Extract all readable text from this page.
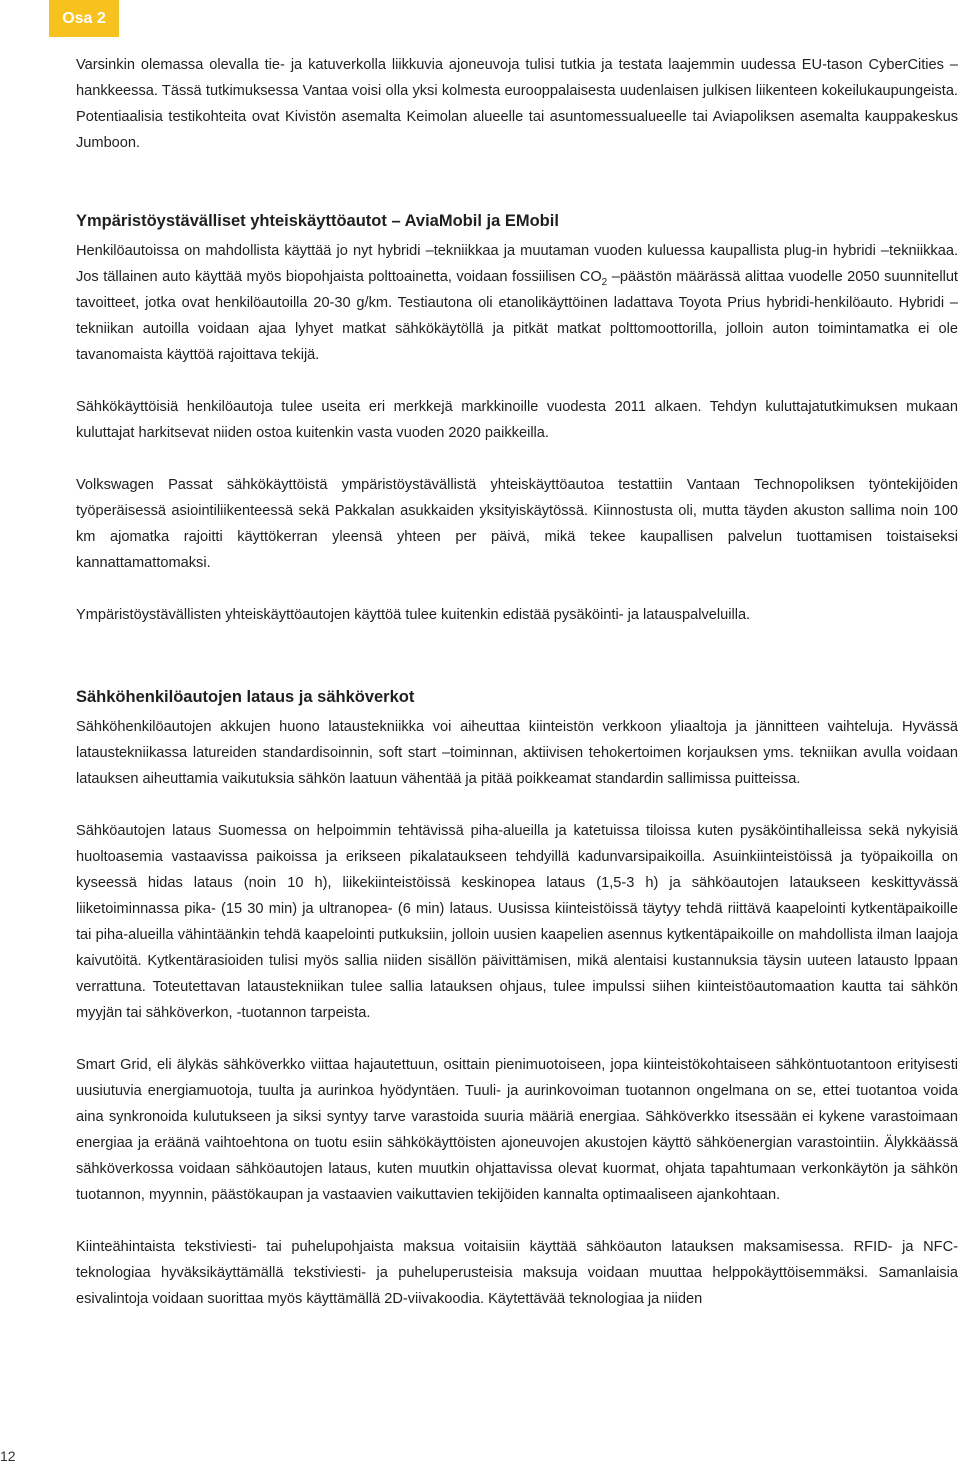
Osa 2

Varsinkin olemassa olevalla tie- ja katuverkolla liikkuvia ajoneuvoja tulisi tutkia ja testata laajemmin uudessa EU-tason CyberCities –hankkeessa. Tässä tutkimuksessa Vantaa voisi olla yksi kolmesta eurooppalaisesta uudenlaisen julkisen liikenteen kokeilukaupungeista. Potentiaalisia testikohteita ovat Kivistön asemalta Keimolan alueelle tai asuntomessualueelle tai Aviapoliksen asemalta kauppakeskus Jumboon.

Ympäristöystävälliset yhteiskäyttöautot – AviaMobil ja EMobil

Henkilöautoissa on mahdollista käyttää jo nyt hybridi –tekniikkaa ja muutaman vuoden kuluessa kaupallista plug-in hybridi –tekniikkaa. Jos tällainen auto käyttää myös biopohjaista polttoainetta, voidaan fossiilisen $CO_2$ –päästön määrässä alittaa vuodelle 2050 suunnitellut tavoitteet, jotka ovat henkilöautoilla 20-30 g/km. Testiautona oli etanolikäyttöinen ladattava Toyota Prius hybridi-henkilöauto. Hybridi –tekniikan autoilla voidaan ajaa lyhyet matkat sähkökäytöllä ja pitkät matkat polttomoottorilla, jolloin auton toimintamatka ei ole tavanomaista käyttöä rajoittava tekijä.

Sähkökäyttöisiä henkilöautoja tulee useita eri merkkejä markkinoille vuodesta 2011 alkaen. Tehdyn kuluttajatutkimuksen mukaan kuluttajat harkitsevat niiden ostoa kuitenkin vasta vuoden 2020 paikkeilla.

Volkswagen Passat sähkökäyttöistä ympäristöystävällistä yhteiskäyttöautoa testattiin Vantaan Technopoliksen työntekijöiden työperäisessä asiointiliikenteessä sekä Pakkalan asukkaiden yksityiskäytössä. Kiinnostusta oli, mutta täyden akuston sallima noin 100 km ajomatka rajoitti käyttökerran yleensä yhteen per päivä, mikä tekee kaupallisen palvelun tuottamisen toistaiseksi kannattamattomaksi.

Ympäristöystävällisten yhteiskäyttöautojen käyttöä tulee kuitenkin edistää pysäköinti- ja latauspalveluilla.

Sähköhenkilöautojen lataus ja sähköverkot

Sähköhenkilöautojen akkujen huono lataustekniikka voi aiheuttaa kiinteistön verkkoon yliaaltoja ja jännitteen vaihteluja. Hyvässä lataustekniikassa latureiden standardisoinnin, soft start –toiminnan, aktiivisen tehokertoimen korjauksen yms. tekniikan avulla voidaan latauksen aiheuttamia vaikutuksia sähkön laatuun vähentää ja pitää poikkeamat standardin sallimissa puitteissa.

Sähköautojen lataus Suomessa on helpoimmin tehtävissä piha-alueilla ja katetuissa tiloissa kuten pysäköintihalleissa sekä nykyisiä huoltoasemia vastaavissa paikoissa ja erikseen pikalataukseen tehdyillä kadunvarsipaikoilla. Asuinkiinteistöissä ja työpaikoilla on kyseessä hidas lataus (noin 10 h), liikekiinteistöissä keskinopea lataus (1,5-3 h) ja sähköautojen lataukseen keskittyvässä liiketoiminnassa pika- (15 30 min) ja ultranopea- (6 min) lataus. Uusissa kiinteistöissä täytyy tehdä riittävä kaapelointi kytkentäpaikoille tai piha-alueilla vähintäänkin tehdä kaapelointi putkuksiin, jolloin uusien kaapelien asennus kytkentäpaikoille on mahdollista ilman laajoja kaivutöitä. Kytkentärasioiden tulisi myös sallia niiden sisällön päivittämisen, mikä alentaisi kustannuksia täysin uuteen latausto lppaan verrattuna. Toteutettavan lataustekniikan tulee sallia latauksen ohjaus, tulee impulssi siihen kiinteistöautomaation kautta tai sähkön myyjän tai sähköverkon, -tuotannon tarpeista.

Smart Grid, eli älykäs sähköverkko viittaa hajautettuun, osittain pienimuotoiseen, jopa kiinteistökohtaiseen sähköntuotantoon erityisesti uusiutuvia energiamuotoja, tuulta ja aurinkoa hyödyntäen. Tuuli- ja aurinkovoiman tuotannon ongelmana on se, ettei tuotantoa voida aina synkronoida kulutukseen ja siksi syntyy tarve varastoida suuria määriä energiaa. Sähköverkko itsessään ei kykene varastoimaan energiaa ja eräänä vaihtoehtona on tuotu esiin sähkökäyttöisten ajoneuvojen akustojen käyttö sähköenergian varastointiin. Älykkäässä sähköverkossa voidaan sähköautojen lataus, kuten muutkin ohjattavissa olevat kuormat, ohjata tapahtumaan verkonkäytön ja sähkön tuotannon, myynnin, päästökaupan ja vastaavien vaikuttavien tekijöiden kannalta optimaaliseen ajankohtaan.

Kiinteähintaista tekstiviesti- tai puhelupohjaista maksua voitaisiin käyttää sähköauton latauksen maksamisessa. RFID- ja NFC-teknologiaa hyväksikäyttämällä tekstiviesti- ja puheluperusteisia maksuja voidaan muuttaa helppokäyttöisemmäksi. Samanlaisia esivalintoja voidaan suorittaa myös käyttämällä 2D-viivakoodia. Käytettävää teknologiaa ja niiden

12
